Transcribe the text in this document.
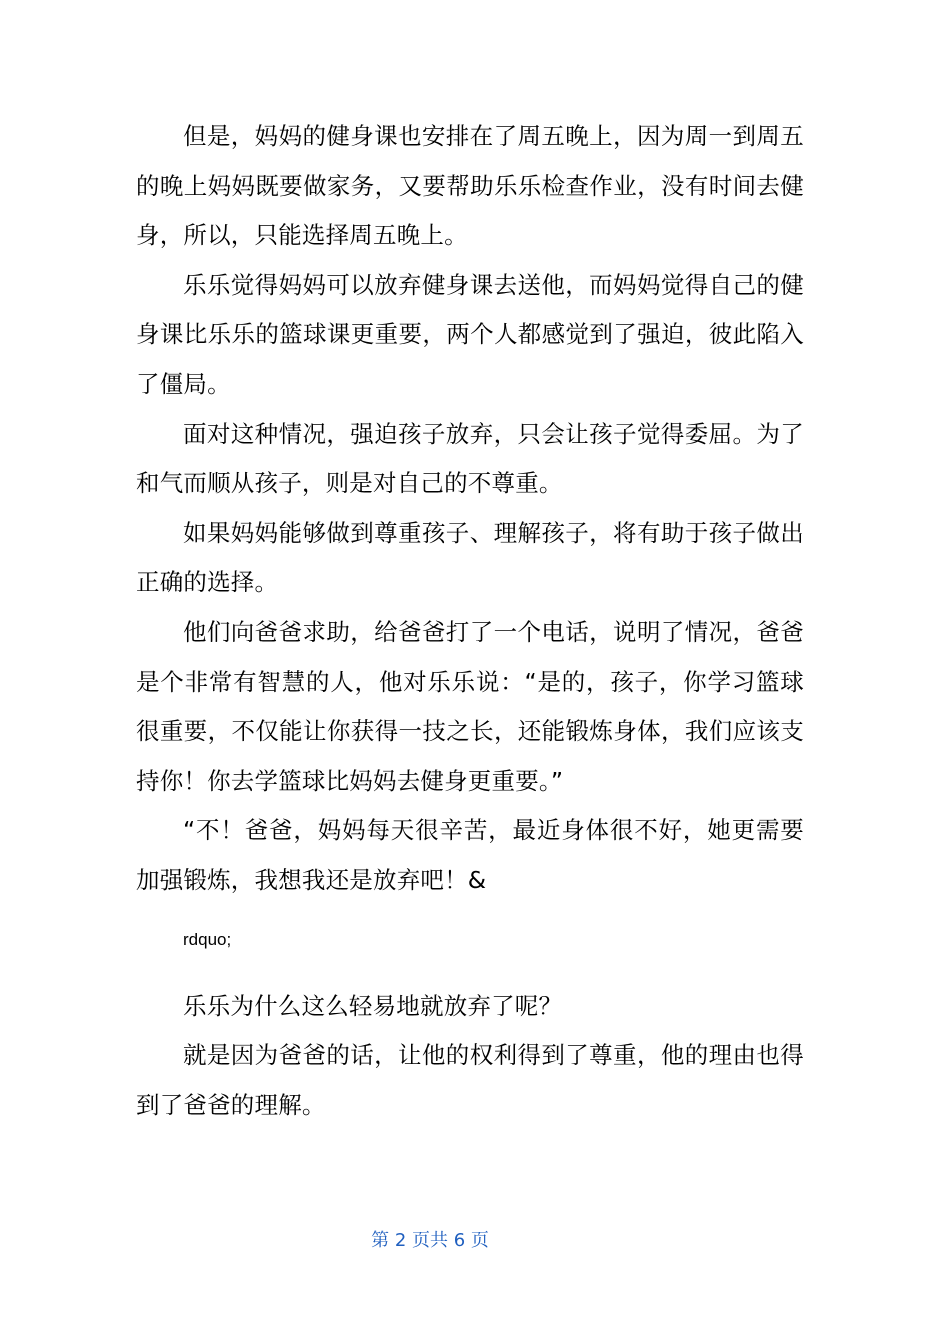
但是，妈妈的健身课也安排在了周五晚上，因为周一到周五的晚上妈妈既要做家务，又要帮助乐乐检查作业，没有时间去健身，所以，只能选择周五晚上。

乐乐觉得妈妈可以放弃健身课去送他，而妈妈觉得自己的健身课比乐乐的篮球课更重要，两个人都感觉到了强迫，彼此陷入了僵局。

面对这种情况，强迫孩子放弃，只会让孩子觉得委屈。为了和气而顺从孩子，则是对自己的不尊重。

如果妈妈能够做到尊重孩子、理解孩子，将有助于孩子做出正确的选择。

他们向爸爸求助，给爸爸打了一个电话，说明了情况，爸爸是个非常有智慧的人，他对乐乐说：“是的，孩子，你学习篮球很重要，不仅能让你获得一技之长，还能锻炼身体，我们应该支持你！你去学篮球比妈妈去健身更重要。”

“不！爸爸，妈妈每天很辛苦，最近身体很不好，她更需要加强锻炼，我想我还是放弃吧！&

rdquo;

乐乐为什么这么轻易地就放弃了呢？

就是因为爸爸的话，让他的权利得到了尊重，他的理由也得到了爸爸的理解。

第 2 页共 6 页
